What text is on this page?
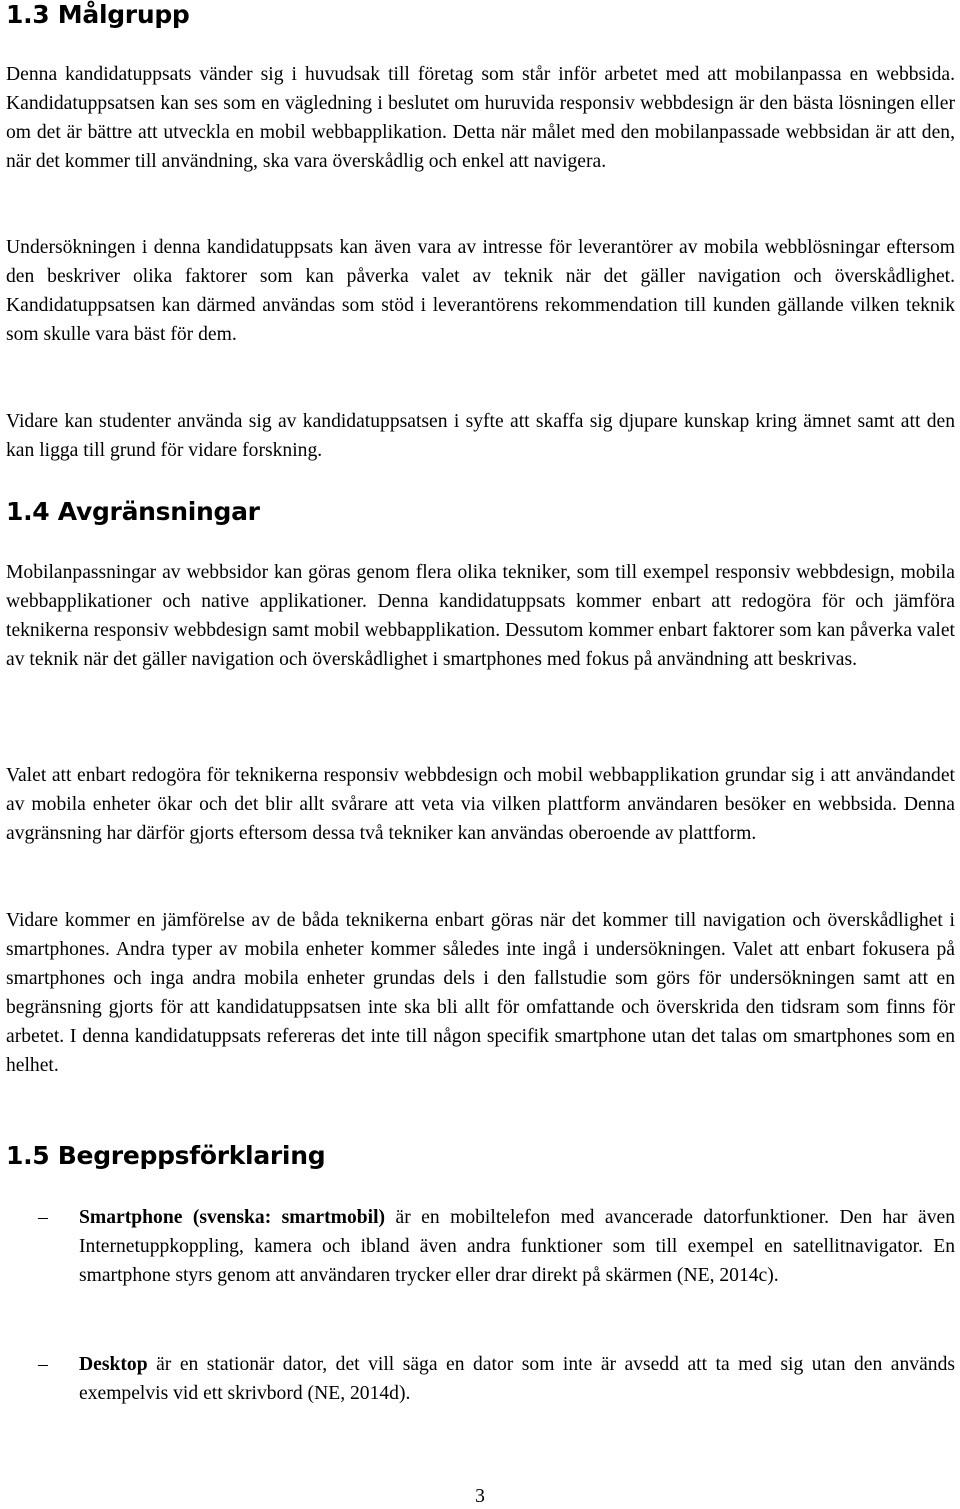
1.3 Målgrupp

Denna kandidatuppsats vänder sig i huvudsak till företag som står inför arbetet med att mobilanpassa en webbsida. Kandidatuppsatsen kan ses som en vägledning i beslutet om huruvida responsiv webbdesign är den bästa lösningen eller om det är bättre att utveckla en mobil webbapplikation. Detta när målet med den mobilanpassade webbsidan är att den, när det kommer till användning, ska vara överskådlig och enkel att navigera.

Undersökningen i denna kandidatuppsats kan även vara av intresse för leverantörer av mobila webblösningar eftersom den beskriver olika faktorer som kan påverka valet av teknik när det gäller navigation och överskådlighet. Kandidatuppsatsen kan därmed användas som stöd i leverantörens rekommendation till kunden gällande vilken teknik som skulle vara bäst för dem.

Vidare kan studenter använda sig av kandidatuppsatsen i syfte att skaffa sig djupare kunskap kring ämnet samt att den kan ligga till grund för vidare forskning.

1.4 Avgränsningar

Mobilanpassningar av webbsidor kan göras genom flera olika tekniker, som till exempel responsiv webbdesign, mobila webbapplikationer och native applikationer. Denna kandidatuppsats kommer enbart att redogöra för och jämföra teknikerna responsiv webbdesign samt mobil webbapplikation. Dessutom kommer enbart faktorer som kan påverka valet av teknik när det gäller navigation och överskådlighet i smartphones med fokus på användning att beskrivas.

Valet att enbart redogöra för teknikerna responsiv webbdesign och mobil webbapplikation grundar sig i att användandet av mobila enheter ökar och det blir allt svårare att veta via vilken plattform användaren besöker en webbsida. Denna avgränsning har därför gjorts eftersom dessa två tekniker kan användas oberoende av plattform.

Vidare kommer en jämförelse av de båda teknikerna enbart göras när det kommer till navigation och överskådlighet i smartphones. Andra typer av mobila enheter kommer således inte ingå i undersökningen. Valet att enbart fokusera på smartphones och inga andra mobila enheter grundas dels i den fallstudie som görs för undersökningen samt att en begränsning gjorts för att kandidatuppsatsen inte ska bli allt för omfattande och överskrida den tidsram som finns för arbetet. I denna kandidatuppsats refereras det inte till någon specifik smartphone utan det talas om smartphones som en helhet.

1.5 Begreppsförklaring
– Smartphone (svenska: smartmobil) är en mobiltelefon med avancerade datorfunktioner. Den har även Internetuppkoppling, kamera och ibland även andra funktioner som till exempel en satellitnavigator. En smartphone styrs genom att användaren trycker eller drar direkt på skärmen (NE, 2014c).

– Desktop är en stationär dator, det vill säga en dator som inte är avsedd att ta med sig utan den används exempelvis vid ett skrivbord (NE, 2014d).

3
